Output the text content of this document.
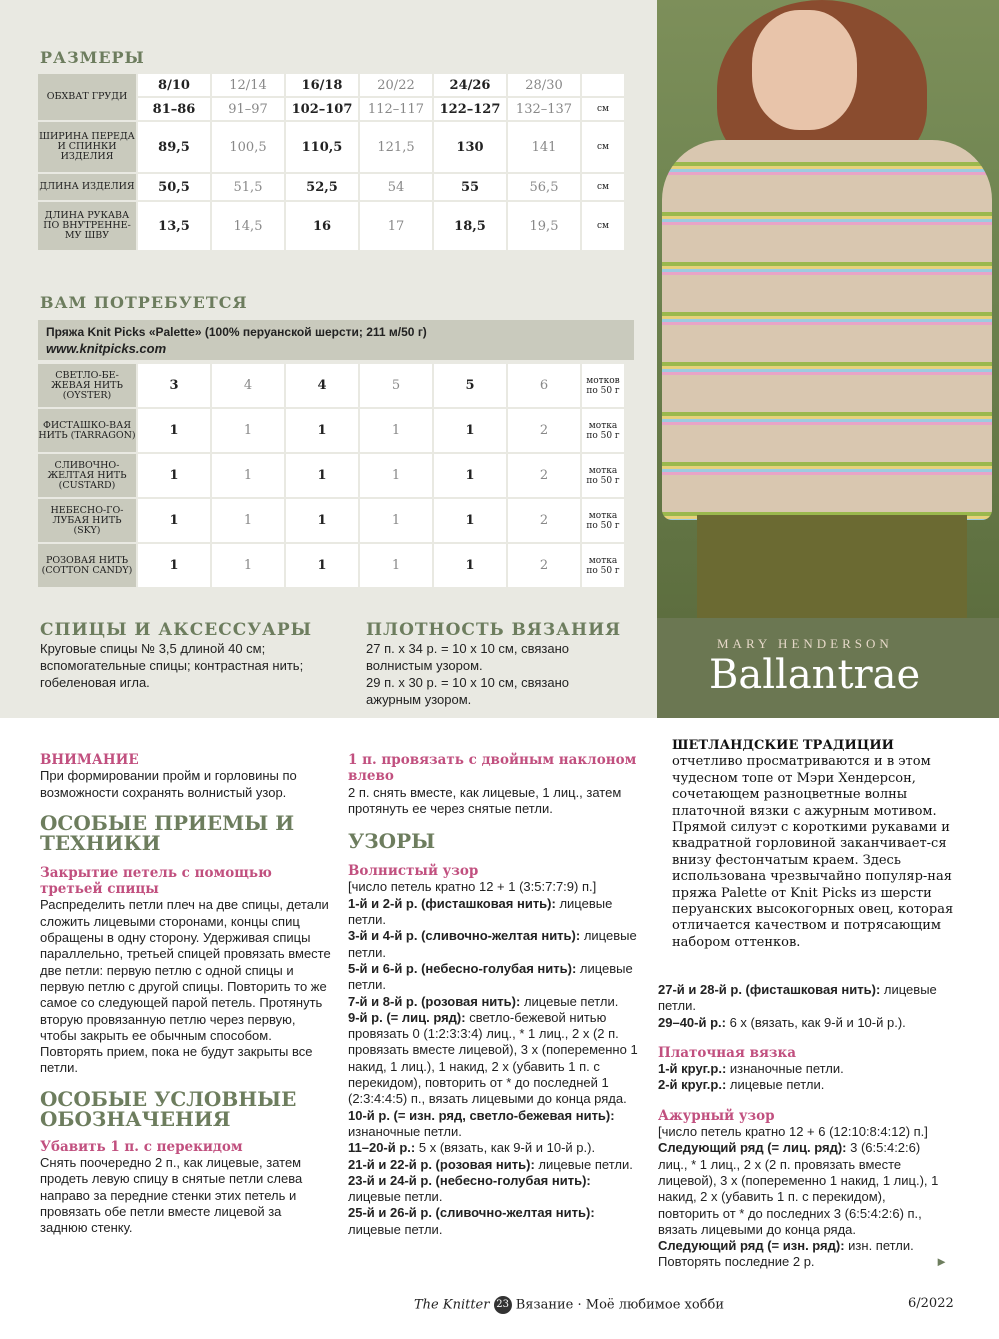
MARY HENDERSON
Ballantrae
РАЗМЕРЫ
ОБХВАТ ГРУДИ	8/10	12/14	16/18	20/22	24/26	28/30	
	81–86	91–97	102–107	112–117	122–127	132–137	см
ШИРИНА ПЕРЕДА И СПИНКИ ИЗДЕЛИЯ	89,5	100,5	110,5	121,5	130	141	см
ДЛИНА ИЗДЕЛИЯ	50,5	51,5	52,5	54	55	56,5	см
ДЛИНА РУКАВА ПО ВНУТРЕННЕ-МУ ШВУ	13,5	14,5	16	17	18,5	19,5	см
ВАМ ПОТРЕБУЕТСЯ
Пряжа Knit Picks «Palette» (100% перуанской шерсти; 211 м/50 г)
www.knitpicks.com
СВЕТЛО-БЕ-ЖЕВАЯ НИТЬ (OYSTER)	3	4	4	5	5	6	мотков по 50 г
ФИСТАШКО-ВАЯ НИТЬ (TARRAGON)	1	1	1	1	1	2	мотка по 50 г
СЛИВОЧНО-ЖЕЛТАЯ НИТЬ (CUSTARD)	1	1	1	1	1	2	мотка по 50 г
НЕБЕСНО-ГО-ЛУБАЯ НИТЬ (SKY)	1	1	1	1	1	2	мотка по 50 г
РОЗОВАЯ НИТЬ (COTTON CANDY)	1	1	1	1	1	2	мотка по 50 г
СПИЦЫ И АКСЕССУАРЫ
Круговые спицы № 3,5 длиной 40 см; вспомогательные спицы; контрастная нить; гобеленовая игла.
ПЛОТНОСТЬ ВЯЗАНИЯ
27 п. х 34 р. = 10 х 10 см, связано волнистым узором.
29 п. х 30 р. = 10 х 10 см, связано ажурным узором.

ВНИМАНИЕ

При формировании пройм и горловины по возможности сохранять волнистый узор.

ОСОБЫЕ ПРИЕМЫ И ТЕХНИКИ

Закрытие петель с помощью третьей спицы

Распределить петли плеч на две спицы, детали сложить лицевыми сторонами, концы спиц обращены в одну сторону. Удерживая спицы параллельно, третьей спицей провязать вместе две петли: первую петлю с одной спицы и первую петлю с другой спицы. Повторить то же самое со следующей парой петель. Протянуть вторую провязанную петлю через первую, чтобы закрыть ее обычным способом. Повторять прием, пока не будут закрыты все петли.

ОСОБЫЕ УСЛОВНЫЕ ОБОЗНАЧЕНИЯ

Убавить 1 п. с перекидом

Снять поочередно 2 п., как лицевые, затем продеть левую спицу в снятые петли слева направо за передние стенки этих петель и провязать обе петли вместе лицевой за заднюю стенку.

1 п. провязать с двойным наклоном влево

2 п. снять вместе, как лицевые, 1 лиц., затем протянуть ее через снятые петли.

УЗОРЫ

Волнистый узор

[число петель кратно 12 + 1 (3:5:7:7:9) п.]

1-й и 2-й р. (фисташковая нить): лицевые петли.

3-й и 4-й р. (сливочно-желтая нить): лицевые петли.

5-й и 6-й р. (небесно-голубая нить): лицевые петли.

7-й и 8-й р. (розовая нить): лицевые петли.

9-й р. (= лиц. ряд): светло-бежевой нитью провязать 0 (1:2:3:3:4) лиц., * 1 лиц., 2 х (2 п. провязать вместе лицевой), 3 х (попеременно 1 накид, 1 лиц.), 1 накид, 2 х (убавить 1 п. с перекидом), повторить от * до последней 1 (2:3:4:4:5) п., вязать лицевыми до конца ряда.

10-й р. (= изн. ряд, светло-бежевая нить): изнаночные петли.

11–20-й р.: 5 х (вязать, как 9-й и 10-й р.).

21-й и 22-й р. (розовая нить): лицевые петли.

23-й и 24-й р. (небесно-голубая нить): лицевые петли.

25-й и 26-й р. (сливочно-желтая нить): лицевые петли.

ШЕТЛАНДСКИЕ ТРАДИЦИИ
отчетливо просматриваются и в этом чудесном топе от Мэри Хендерсон, сочетающем разноцветные волны платочной вязки с ажурным мотивом. Прямой силуэт с короткими рукавами и квадратной горловиной заканчивает-ся внизу фестончатым краем. Здесь использована чрезвычайно популяр-ная пряжа Palette от Knit Picks из шерсти перуанских высокогорных овец, которая отличается качеством и потрясающим набором оттенков.

27-й и 28-й р. (фисташковая нить): лицевые петли.

29–40-й р.: 6 х (вязать, как 9-й и 10-й р.).

Платочная вязка

1-й круг.р.: изнаночные петли.

2-й круг.р.: лицевые петли.

Ажурный узор

[число петель кратно 12 + 6 (12:10:8:4:12) п.]

Следующий ряд (= лиц. ряд): 3 (6:5:4:2:6) лиц., * 1 лиц., 2 х (2 п. провязать вместе лицевой), 3 х (попеременно 1 накид, 1 лиц.), 1 накид, 2 х (убавить 1 п. с перекидом), повторить от * до последних 3 (6:5:4:2:6) п., вязать лицевыми до конца ряда.

Следующий ряд (= изн. ряд): изн. петли.

Повторять последние 2 р.	►

The Knitter 23 Вязание · Моё любимое хобби	6/2022
